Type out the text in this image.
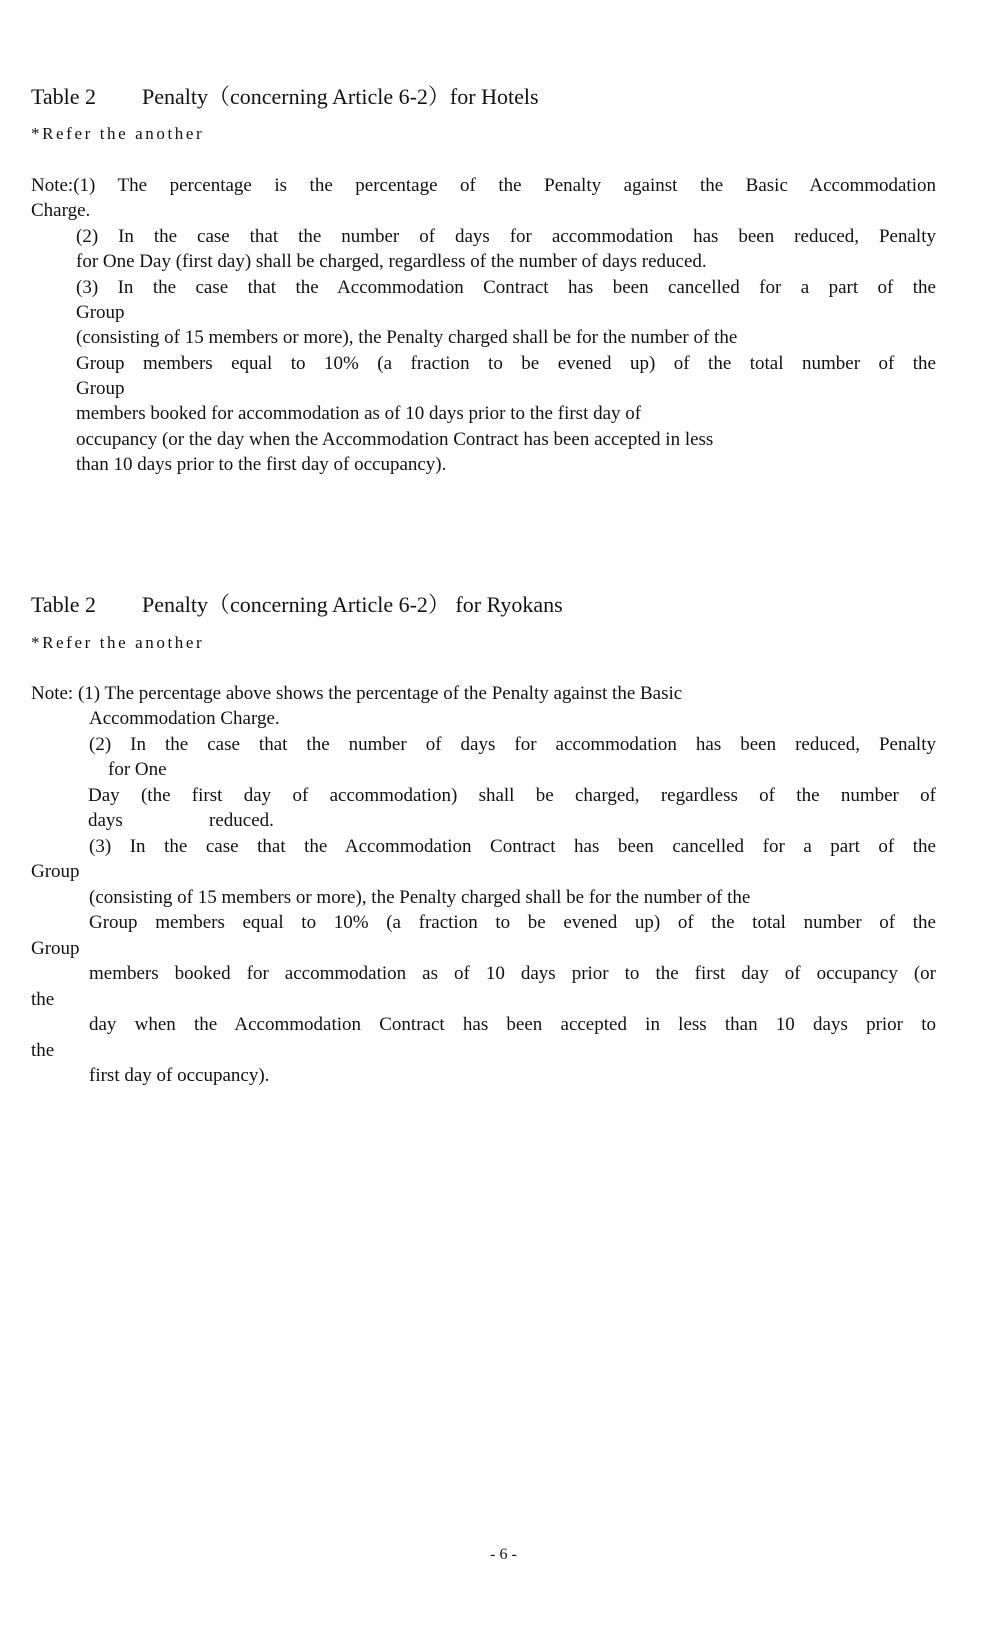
Table 2 Penalty（concerning Article 6-2）for Hotels
*Refer the another
Note:(1) The percentage is the percentage of the Penalty against the Basic Accommodation
Charge.
(2) In the case that the number of days for accommodation has been reduced, Penalty
for One Day (first day) shall be charged, regardless of the number of days reduced.
(3) In the case that the Accommodation Contract has been cancelled for a part of the
Group
(consisting of 15 members or more), the Penalty charged shall be for the number of the
Group members equal to 10% (a fraction to be evened up) of the total number of the
Group
members booked for accommodation as of 10 days prior to the first day of
occupancy (or the day when the Accommodation Contract has been accepted in less
than 10 days prior to the first day of occupancy).
Table 2 Penalty（concerning Article 6-2） for Ryokans
*Refer the another
Note: (1) The percentage above shows the percentage of the Penalty against the Basic
Accommodation Charge.
(2) In the case that the number of days for accommodation has been reduced, Penalty
for One
Day (the first day of accommodation) shall be charged, regardless of the number of
days	reduced.
(3) In the case that the Accommodation Contract has been cancelled for a part of the
Group
(consisting of 15 members or more), the Penalty charged shall be for the number of the
Group members equal to 10% (a fraction to be evened up) of the total number of the
Group
members booked for accommodation as of 10 days prior to the first day of occupancy (or
the
day when the Accommodation Contract has been accepted in less than 10 days prior to
the
first day of occupancy).
- 6 -
